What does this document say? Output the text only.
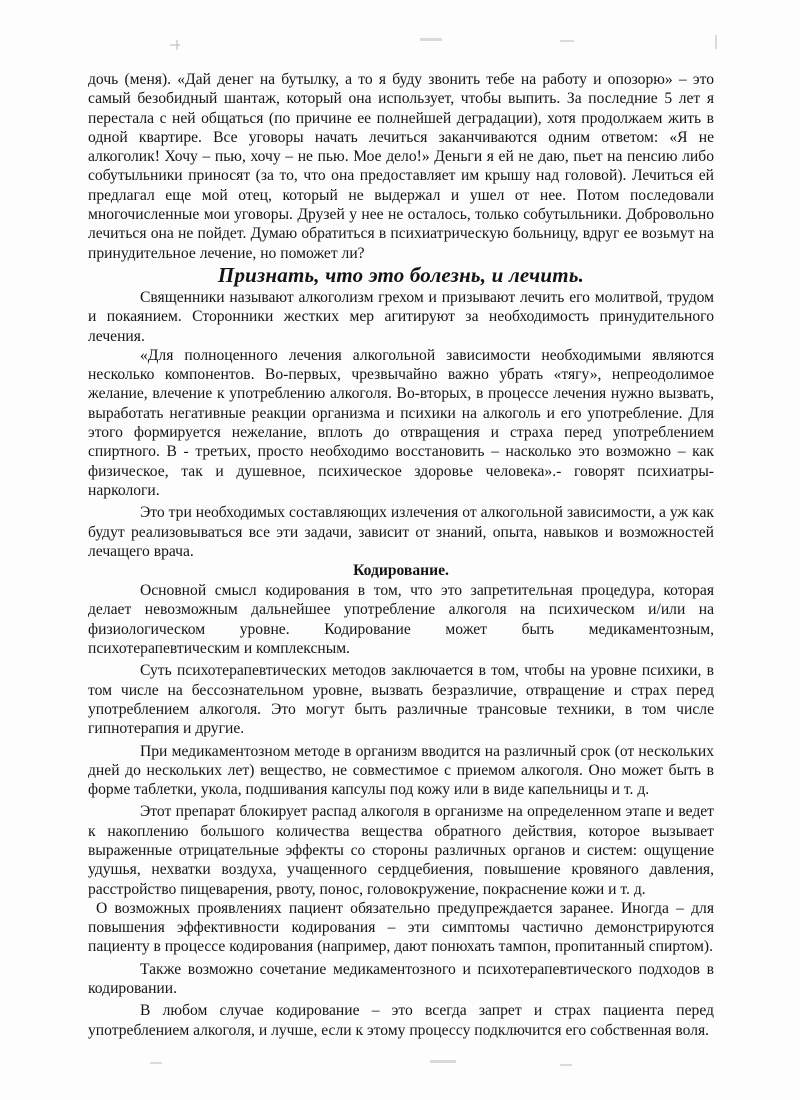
дочь (меня). «Дай денег на бутылку, а то я буду звонить тебе на работу и опозорю» – это самый безобидный шантаж, который она использует, чтобы выпить. За последние 5 лет я перестала с ней общаться (по причине ее полнейшей деградации), хотя продолжаем жить в одной квартире. Все уговоры начать лечиться заканчиваются одним ответом: «Я не алкоголик! Хочу – пью, хочу – не пью. Мое дело!» Деньги я ей не даю, пьет на пенсию либо собутыльники приносят (за то, что она предоставляет им крышу над головой). Лечиться ей предлагал еще мой отец, который не выдержал и ушел от нее. Потом последовали многочисленные мои уговоры. Друзей у нее не осталось, только собутыльники. Добровольно лечиться она не пойдет. Думаю обратиться в психиатрическую больницу, вдруг ее возьмут на принудительное лечение, но поможет ли?

Признать, что это болезнь, и лечить.

Священники называют алкоголизм грехом и призывают лечить его молитвой, трудом и покаянием. Сторонники жестких мер агитируют за необходимость принудительного лечения.

«Для полноценного лечения алкогольной зависимости необходимыми являются несколько компонентов. Во-первых, чрезвычайно важно убрать «тягу», непреодолимое желание, влечение к употреблению алкоголя. Во-вторых, в процессе лечения нужно вызвать, выработать негативные реакции организма и психики на алкоголь и его употребление. Для этого формируется нежелание, вплоть до отвращения и страха перед употреблением спиртного. В - третьих, просто необходимо восстановить – насколько это возможно – как физическое, так и душевное, психическое здоровье человека».- говорят психиатры-наркологи.

Это три необходимых составляющих излечения от алкогольной зависимости, а уж как будут реализовываться все эти задачи, зависит от знаний, опыта, навыков и возможностей лечащего врача.

Кодирование.

Основной смысл кодирования в том, что это запретительная процедура, которая делает невозможным дальнейшее употребление алкоголя на психическом и/или на физиологическом уровне. Кодирование может быть медикаментозным, психотерапевтическим и комплексным.

Суть психотерапевтических методов заключается в том, чтобы на уровне психики, в том числе на бессознательном уровне, вызвать безразличие, отвращение и страх перед употреблением алкоголя. Это могут быть различные трансовые техники, в том числе гипнотерапия и другие.

При медикаментозном методе в организм вводится на различный срок (от нескольких дней до нескольких лет) вещество, не совместимое с приемом алкоголя. Оно может быть в форме таблетки, укола, подшивания капсулы под кожу или в виде капельницы и т. д.

Этот препарат блокирует распад алкоголя в организме на определенном этапе и ведет к накоплению большого количества вещества обратного действия, которое вызывает выраженные отрицательные эффекты со стороны различных органов и систем: ощущение удушья, нехватки воздуха, учащенного сердцебиения, повышение кровяного давления, расстройство пищеварения, рвоту, понос, головокружение, покраснение кожи и т. д.

О возможных проявлениях пациент обязательно предупреждается заранее. Иногда – для повышения эффективности кодирования – эти симптомы частично демонстрируются пациенту в процессе кодирования (например, дают понюхать тампон, пропитанный спиртом).

Также возможно сочетание медикаментозного и психотерапевтического подходов в кодировании.

В любом случае кодирование – это всегда запрет и страх пациента перед употреблением алкоголя, и лучше, если к этому процессу подключится его собственная воля.
